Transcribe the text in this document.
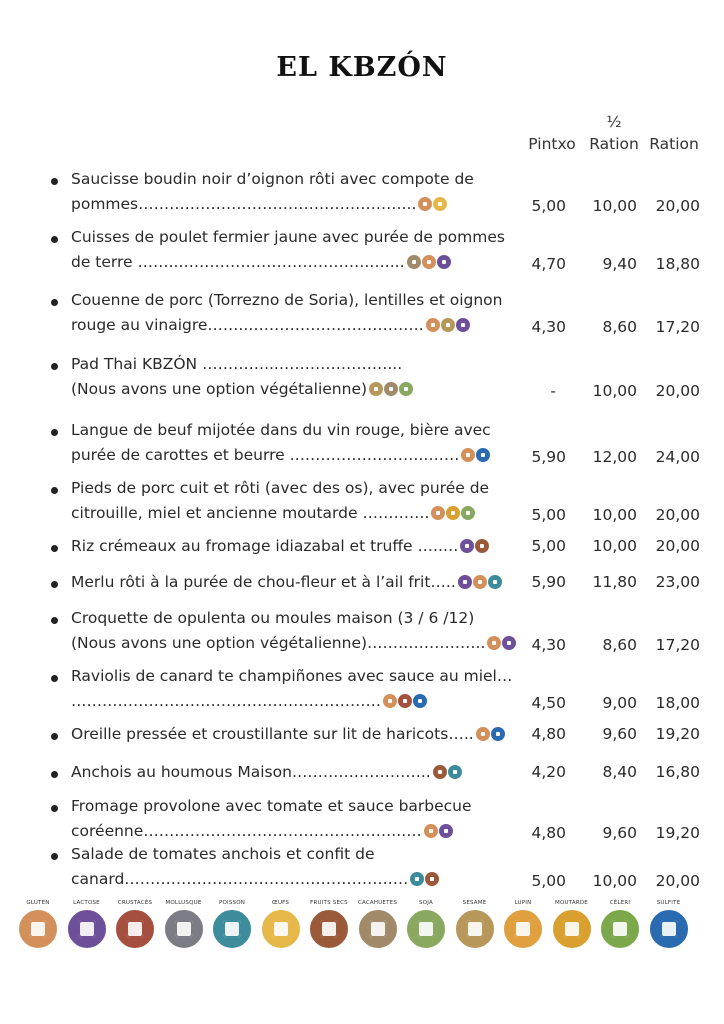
EL KBZÓN
Pintxo
½
Ration Ration
Saucisse boudin noir d’oignon rôti avec compote de
pommes……………………………………………...	5,00	10,00	20,00
Cuisses de poulet fermier jaune avec purée de pommes
de terre ……..……………………………….…....	4,70	9,40	18,80
Couenne de porc (Torrezno de Soria), lentilles et oignon
rouge au vinaigre……..…………………………….	4,30	8,60	17,20
Pad Thai KBZÓN …………...…………………...
(Nous avons une option végétalienne)	-	10,00	20,00
Langue de beuf mijotée dans du vin rouge, bière avec
purée de carottes et beurre ….…………………..……	5,90	12,00	24,00
Pieds de porc cuit et rôti (avec des os), avec purée de
citrouille, miel et ancienne moutarde ………….	5,00	10,00	20,00
Riz crémeaux au fromage idiazabal et truffe …..…	5,00	10,00	20,00
Merlu rôti à la purée de chou-fleur et à l’ail frit…..	5,90	11,80	23,00
Croquette de opulenta ou moules maison (3 / 6 /12)
(Nous avons une option végétalienne)…………………..	4,30	8,60	17,20
Raviolis de canard te champiñones avec sauce au miel…
……………………………………………………	4,50	9,00	18,00
Oreille pressée et croustillante sur lit de haricots…..	4,80	9,60	19,20
Anchois au houmous Maison………….…………..	4,20	8,40	16,80
Fromage provolone avec tomate et sauce barbecue
coréenne…………………………………………..….	4,80	9,60	19,20
Salade de tomates anchois et confit de
canard…………………………………………….…	5,00	10,00	20,00
GLUTEN	LACTOSE	CRUSTACÉS	MOLLUSQUE	POISSON	ŒUFS	FRUITS SECS	CACAHUETES	SOJA	SESAME	LUPIN	MOUTARDE	CÉLERI	SULFITE
